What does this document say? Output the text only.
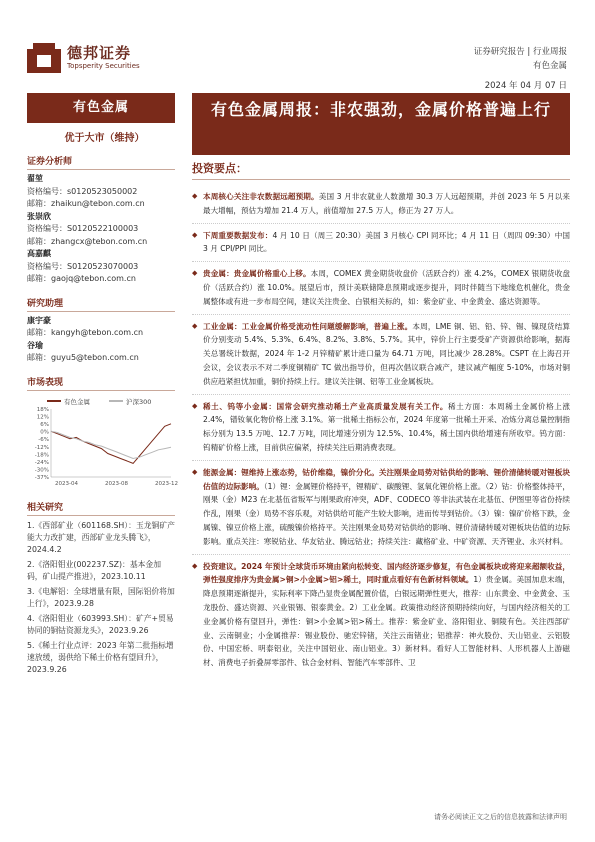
德邦证券
Topsperity Securities
证券研究报告 | 行业周报
有色金属
2024 年 04 月 07 日
有色金属
优于大市（维持）
证券分析师
翟堃
资格编号：s0120523050002
邮箱：zhaikun@tebon.com.cn
张崇欣
资格编号：S0120522100003
邮箱：zhangcx@tebon.com.cn
高嘉麒
资格编号：S0120523070003
邮箱：gaojq@tebon.com.cn
研究助理
康宇豪
邮箱：kangyh@tebon.com.cn
谷瑜
邮箱：guyu5@tebon.com.cn
市场表现
有色金属	沪深300
18%
12%
6%
0%
-6%
-12%
-18%
-24%
-30%
-37%
2023-04	2023-08	2023-12
相关研究
1.《西部矿业（601168.SH）：玉龙铜矿产能大力改扩建，西部矿业龙头腾飞》，2024.4.2
2.《洛阳钼业(002237.SZ)：基本金加码，矿山提产推进》，2023.10.11
3.《电解铝：全球增量有限，国际铝价将加上行》，2023.9.28
4.《洛阳钼业（603993.SH）：矿产+贸易协同的铜钴资源龙头》，2023.9.26
5.《稀土行业点评：2023 年第二批指标增速放缓，弱供给下稀土价格有望回升》，2023.9.26
有色金属周报：非农强劲，金属价格普遍上行
投资要点：
◆ 本周核心关注非农数据远超预期。美国 3 月非农就业人数激增 30.3 万人远超预期，并创 2023 年 5 月以来最大增幅，预估为增加 21.4 万人，前值增加 27.5 万人，修正为 27 万人。
◆ 下周重要数据发布：4 月 10 日（周三 20:30）美国 3 月核心 CPI 同环比；4 月 11 日（周四 09:30）中国 3 月 CPI/PPI 同比。
◆ 贵金属：贵金属价格重心上移。本周，COMEX 黄金期货收盘价（活跃合约）涨 4.2%，COMEX 银期货收盘价（活跃合约）涨 10.0%。展望后市，预计美联储降息预期或逐步提升，同时伴随当下地缘危机催化，贵金属整体或有进一步布局空间，建议关注贵金、白银相关标的，如：紫金矿业、中金黄金、盛达资源等。
◆ 工业金属：工业金属价格受流动性问题缓解影响，普遍上涨。本周，LME 铜、铝、铅、锌、锡、镍现货结算价分别变动 5.4%、5.3%、6.4%、8.2%、3.8%、5.7%。其中，锌价上行主要受矿产资源供给影响，据海关总署统计数据，2024 年 1-2 月锌精矿累计进口量为 64.71 万吨，同比减少 28.28%。CSPT 在上海召开会议，会议表示不对二季度铜精矿 TC 做出指导价，但再次倡议联合减产，建议减产幅度 5-10%，市场对铜供应趋紧担忧加重，铜价持续上行。建议关注铜、铝等工业金属板块。
◆ 稀土、钨等小金属：国常会研究推动稀土产业高质量发展有关工作。稀土方面：本周稀土金属价格上涨 2.4%，镨钕氧化物价格上涨 3.1%。第一批稀土指标公布，2024 年度第一批稀土开采、冶炼分离总量控制指标分别为 13.5 万吨、12.7 万吨，同比增速分别为 12.5%、10.4%，稀土国内供给增速有所收窄。钨方面：钨精矿价格上涨，目前供应偏紧，持续关注后期消费表现。
◆ 能源金属：锂维持上涨态势，钴价维稳，镍价分化。关注刚果金局势对钴供给的影响、锂价清储转暖对锂板块估值的边际影响。（1）锂：金属锂价格持平，锂精矿、碳酸锂、氢氧化锂价格上涨。（2）钴：价格整体持平，刚果（金）M23 在北基伍省叛军与刚果政府冲突，ADF、CODECO 等非法武装在北基伍、伊图里等省份持续作乱，刚果（金）局势不容乐观，对钴供给可能产生较大影响，进而传导到钴价。（3）镍：镍矿价格下跌，金属镍、镍豆价格上涨，硫酸镍价格持平。关注刚果金局势对钴供给的影响、锂价清储转暖对锂板块估值的边际影响。重点关注：寒锐钴业、华友钴业、腾远钴业；持续关注：藏格矿业、中矿资源、天齐锂业、永兴材料。
◆ 投资建议。2024 年预计全球货币环境由紧向松转变、国内经济逐步修复，有色金属板块或将迎来超额收益，弹性强度排序为贵金属>铜>小金属>铝>稀土，同时重点看好有色新材料领域。1）贵金属。美国加息末端，降息预期逐渐提升，实际利率下降凸显贵金属配置价值，白银远期弹性更大，推荐：山东黄金、中金黄金、玉龙股份、盛达资源、兴业银锡、银泰黄金。2）工业金属。政策推动经济预期持续向好，与国内经济相关的工业金属价格有望回升，弹性：铜>小金属>铝>稀土。推荐：紫金矿业、洛阳钼业、铜陵有色。关注西部矿业、云南铜业；小金属推荐：锡业股份、驰宏锌锗，关注云南锗业；铝推荐：神火股份、天山铝业、云铝股份、中国宏桥、明泰铝业，关注中国铝业、南山铝业。3）新材料。看好人工智能材料、人形机器人上游磁材、消费电子折叠屏零部件、钛合金材料、智能汽车零部件、卫
请务必阅读正文之后的信息披露和法律声明
